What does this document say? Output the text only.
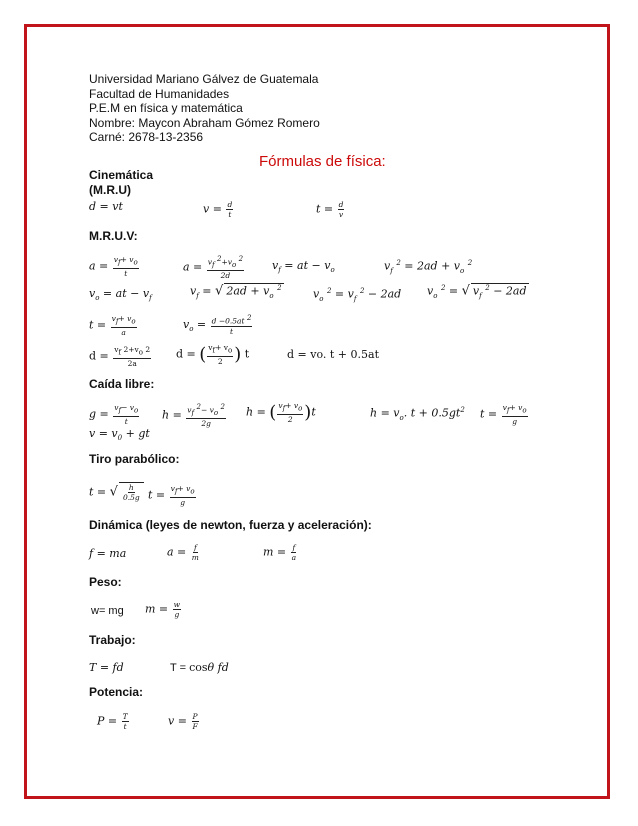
Universidad Mariano Gálvez de Guatemala
Facultad de Humanidades
P.E.M en física y matemática
Nombre: Maycon Abraham Gómez Romero
Carné: 2678-13-2356
Fórmulas de física:
Cinemática
(M.R.U)
d = vt	$v = \frac{d}{t}$	$t = \frac{d}{v}$
M.R.U.V:
$a = \frac{v_f+ v_o}{t}$	$a = \frac{v_f ^2+v_o ^2}{2d}$	$v_f$ = at − $v_o$	$v_f$ $^2 = 2ad + v_o$ $^2$
$v_o$ = at − $v_f$
$v_f$ = √ $2ad + v_o$ $^2$	$v_o$ $^2 = v_f$ $^2$ − 2ad $v_o$ $^2$ = √ $v_f$ $^2$ − 2ad
$t = \frac{v_f+ v_o}{a}$	$v_o = \frac{d -0.5at ^2}{t}$
$d = \frac{v_f 2+v_o 2}{2a}$ d = ( $\frac{v_f+ v_o}{2}$ ) t	d = vo. t + 0.5at
Caída libre:
$g = \frac{v_f- v_o}{t}$ $h = \frac{v_f ^2- v_o ^2}{2g}$ h = ( $\frac{v_f+ v_o}{2} )t$	$h = v_o$. $t + 0.5gt^2$ $t = \frac{v_f+ v_o}{g}$
$v = v_0$ + gt
Tiro parabólico:
t = √ $\frac{h}{0.5g}$ $t = \frac{v_f+ v_o}{g}$
Dinámica (leyes de newton, fuerza y aceleración):
f = ma	$a = \frac{f}{m}$	$m = \frac{f}{a}$
Peso:
w= mg $m = \frac{w}{g}$
Trabajo:
T = fd	T = cosθ fd
Potencia:
$P = \frac{T}{t}$	$v = \frac{P}{F}$
